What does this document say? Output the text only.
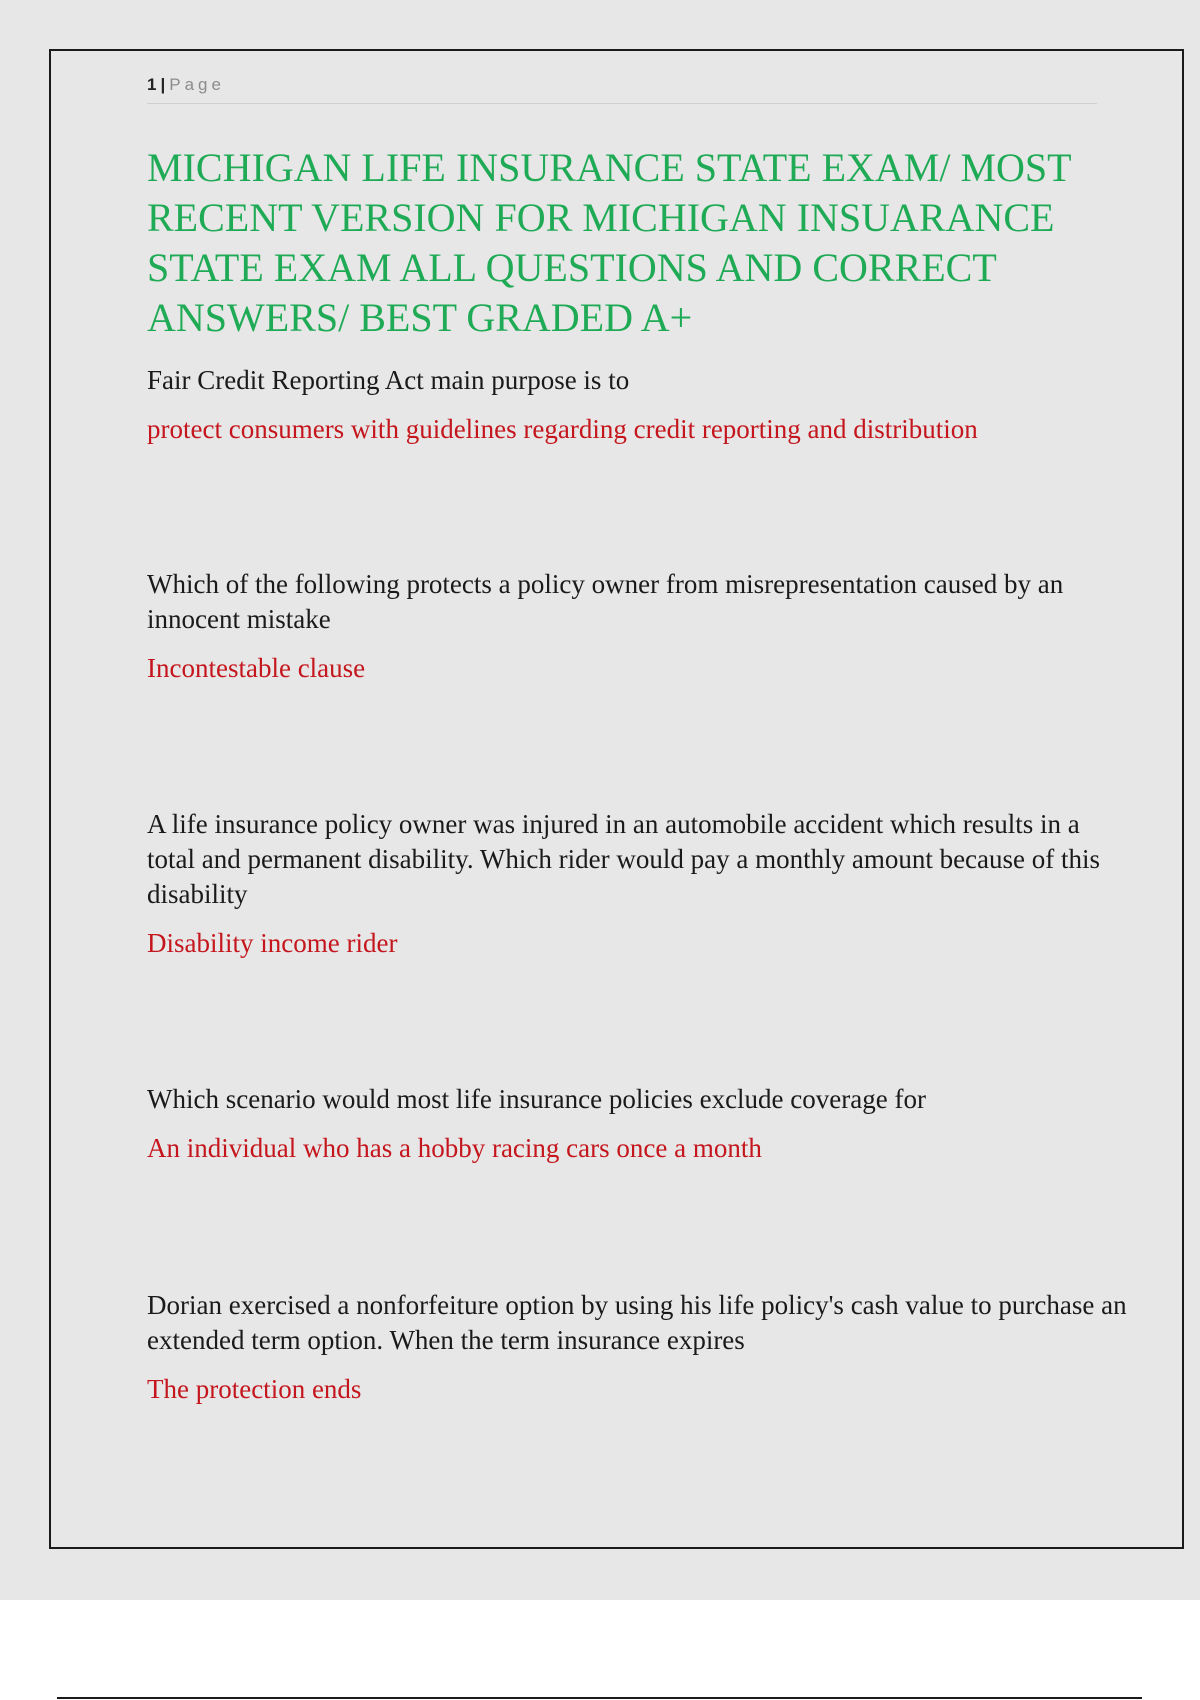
1 | Page
MICHIGAN LIFE INSURANCE STATE EXAM/ MOST RECENT VERSION FOR MICHIGAN INSUARANCE STATE EXAM ALL QUESTIONS AND CORRECT ANSWERS/ BEST GRADED A+

Fair Credit Reporting Act main purpose is to

protect consumers with guidelines regarding credit reporting and distribution

Which of the following protects a policy owner from misrepresentation caused by an innocent mistake

Incontestable clause

A life insurance policy owner was injured in an automobile accident which results in a total and permanent disability. Which rider would pay a monthly amount because of this disability

Disability income rider

Which scenario would most life insurance policies exclude coverage for

An individual who has a hobby racing cars once a month

Dorian exercised a nonforfeiture option by using his life policy's cash value to purchase an extended term option. When the term insurance expires

The protection ends
